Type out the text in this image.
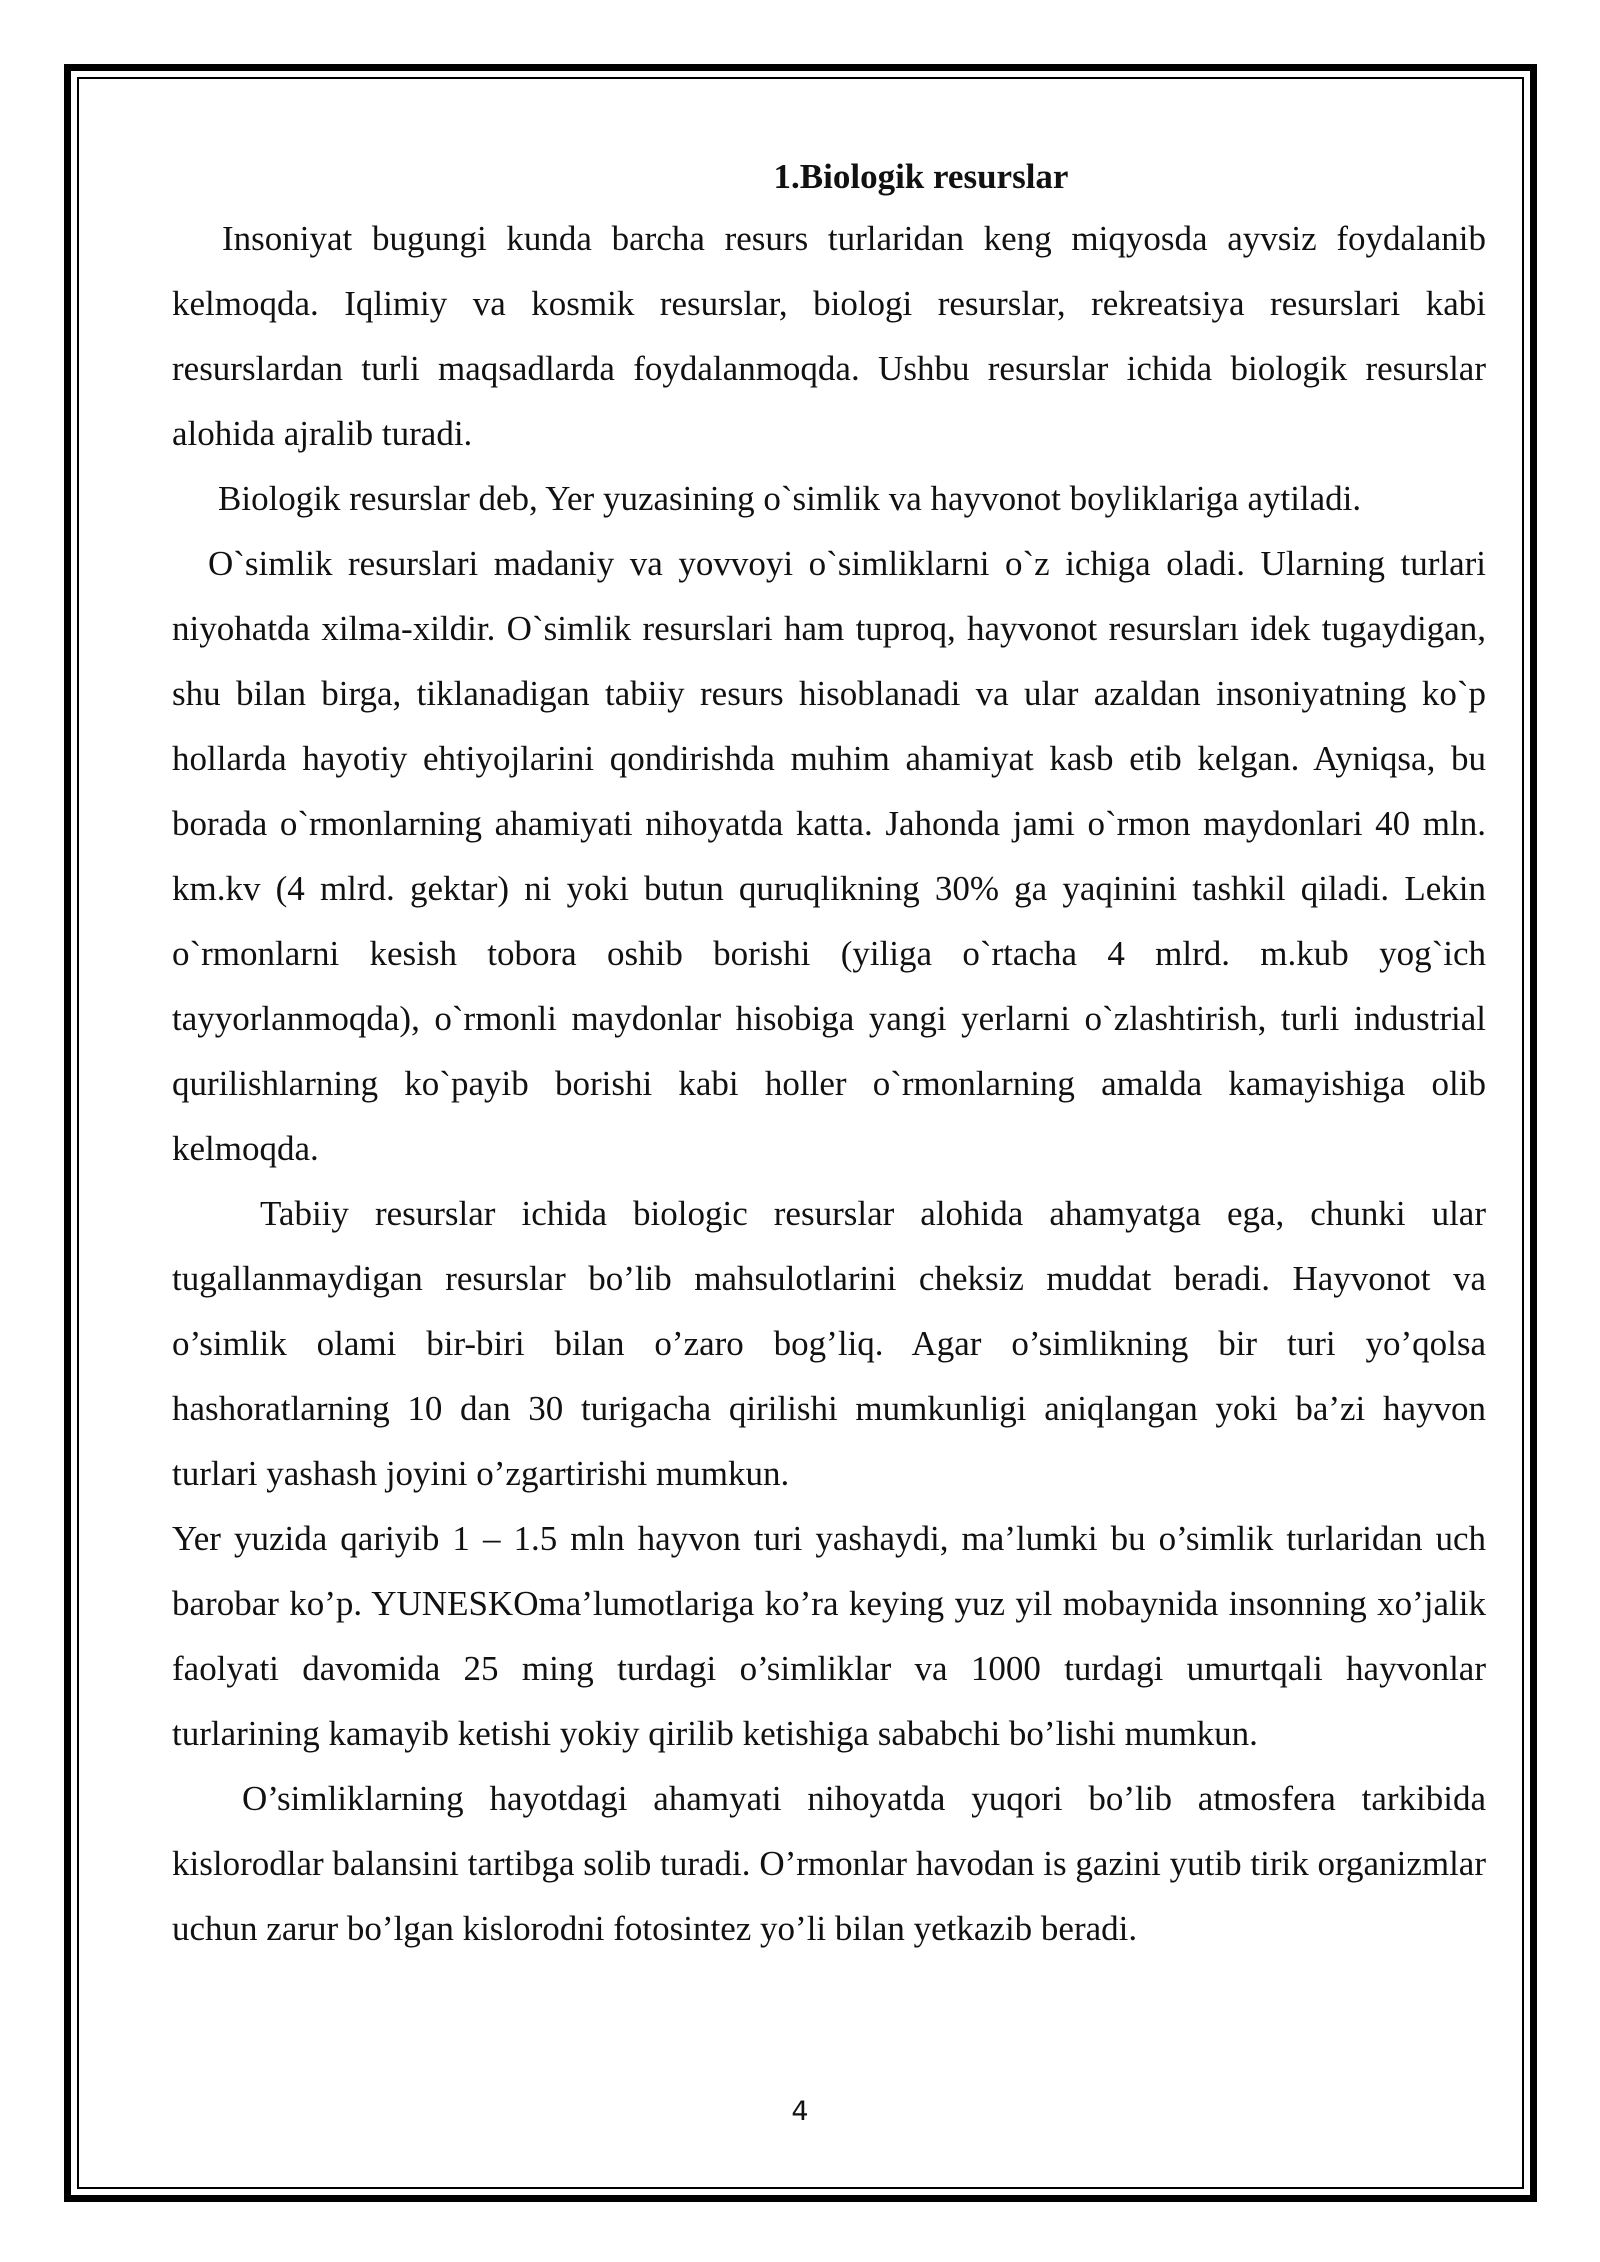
1.Biologik resurslar

Insoniyat bugungi kunda barcha resurs turlaridan keng miqyosda ayvsiz foydalanib kelmoqda. Iqlimiy va kosmik resurslar, biologi resurslar, rekreatsiya resurslari kabi resurslardan turli maqsadlarda foydalanmoqda. Ushbu resurslar ichida biologik resurslar alohida ajralib turadi.

Biologik resurslar deb, Yer yuzasining o`simlik va hayvonot boyliklariga aytiladi.

O`simlik resurslari madaniy va yovvoyi o`simliklarni o`z ichiga oladi. Ularning turlari niyohatda xilma-xildir. O`simlik resurslari ham tuproq, hayvonot resursları idek tugaydigan, shu bilan birga, tiklanadigan tabiiy resurs hisoblanadi va ular azaldan insoniyatning ko`p hollarda hayotiy ehtiyojlarini qondirishda muhim ahamiyat kasb etib kelgan. Ayniqsa, bu borada o`rmonlarning ahamiyati nihoyatda katta. Jahonda jami o`rmon maydonlari 40 mln. km.kv (4 mlrd. gektar) ni yoki butun quruqlikning 30% ga yaqinini tashkil qiladi. Lekin o`rmonlarni kesish tobora oshib borishi (yiliga o`rtacha 4 mlrd. m.kub yog`ich tayyorlanmoqda), o`rmonli maydonlar hisobiga yangi yerlarni o`zlashtirish, turli industrial qurilishlarning ko`payib borishi kabi holler o`rmonlarning amalda kamayishiga olib kelmoqda.

Tabiiy resurslar ichida biologic resurslar alohida ahamyatga ega, chunki ular tugallanmaydigan resurslar bo’lib mahsulotlarini cheksiz muddat beradi. Hayvonot va o’simlik olami bir-biri bilan o’zaro bog’liq. Agar o’simlikning bir turi yo’qolsa hashoratlarning 10 dan 30 turigacha qirilishi mumkunligi aniqlangan yoki ba’zi hayvon turlari yashash joyini o’zgartirishi mumkun.

Yer yuzida qariyib 1 – 1.5 mln hayvon turi yashaydi, ma’lumki bu o’simlik turlaridan uch barobar ko’p. YUNESKOma’lumotlariga ko’ra keying yuz yil mobaynida insonning xo’jalik faolyati davomida 25 ming turdagi o’simliklar va 1000 turdagi umurtqali hayvonlar turlarining kamayib ketishi yokiy qirilib ketishiga sababchi bo’lishi mumkun.

O’simliklarning hayotdagi ahamyati nihoyatda yuqori bo’lib atmosfera tarkibida kislorodlar balansini tartibga solib turadi. O’rmonlar havodan is gazini yutib tirik organizmlar uchun zarur bo’lgan kislorodni fotosintez yo’li bilan yetkazib beradi.

4
